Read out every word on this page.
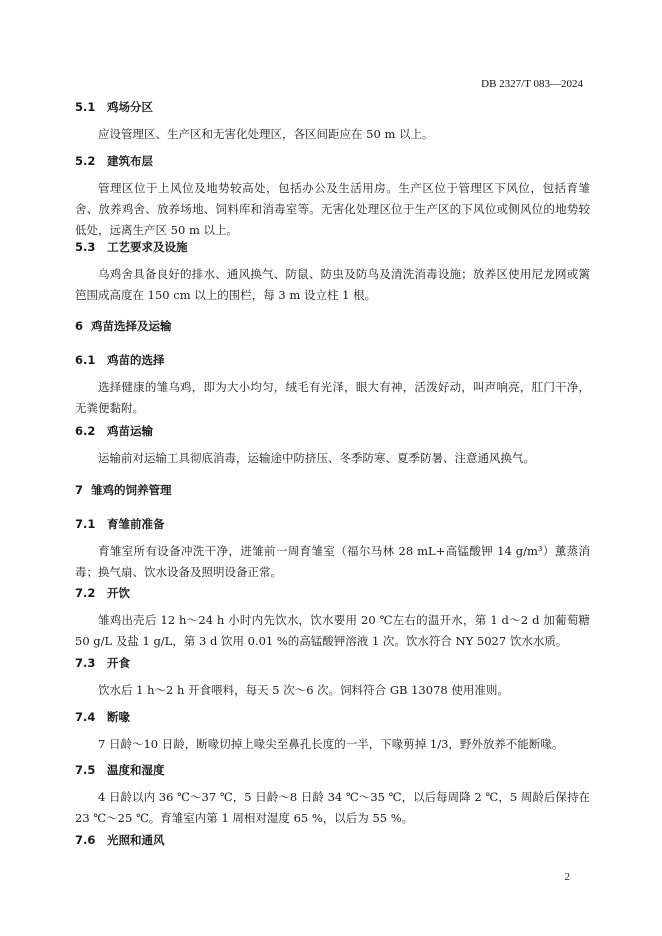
DB 2327/T 083—2024

5.1 鸡场分区

应设管理区、生产区和无害化处理区，各区间距应在 50 m 以上。

5.2 建筑布层

管理区位于上风位及地势较高处，包括办公及生活用房。生产区位于管理区下风位，包括育雏舍、放养鸡舍、放养场地、饲料库和消毒室等。无害化处理区位于生产区的下风位或侧风位的地势较低处，远离生产区 50 m 以上。

5.3 工艺要求及设施

乌鸡舍具备良好的排水、通风换气、防鼠、防虫及防鸟及清洗消毒设施；放养区使用尼龙网或篱笆围成高度在 150 cm 以上的围栏，每 3 m 设立柱 1 根。

6 鸡苗选择及运输

6.1 鸡苗的选择

选择健康的雏乌鸡，即为大小均匀，绒毛有光泽，眼大有神，活泼好动，叫声响亮，肛门干净，无粪便黏附。

6.2 鸡苗运输

运输前对运输工具彻底消毒，运输途中防挤压、冬季防寒、夏季防暑、注意通风换气。

7 雏鸡的饲养管理

7.1 育雏前准备

育雏室所有设备冲洗干净，进雏前一周育雏室（福尔马林 28 mL+高锰酸钾 14 g/m³）薰蒸消毒；换气扇、饮水设备及照明设备正常。

7.2 开饮

雏鸡出壳后 12 h～24 h 小时内先饮水，饮水要用 20 ℃左右的温开水，第 1 d～2 d 加葡萄糖 50 g/L 及盐 1 g/L，第 3 d 饮用 0.01 %的高锰酸钾溶液 1 次。饮水符合 NY 5027 饮水水质。

7.3 开食

饮水后 1 h～2 h 开食喂料，每天 5 次～6 次。饲料符合 GB 13078 使用准则。

7.4 断喙

7 日龄～10 日龄，断喙切掉上喙尖至鼻孔长度的一半，下喙剪掉 1/3，野外放养不能断喙。

7.5 温度和湿度

4 日龄以内 36 ℃～37 ℃，5 日龄～8 日龄 34 ℃～35 ℃，以后每周降 2 ℃，5 周龄后保持在 23 ℃～25 ℃。育雏室内第 1 周相对湿度 65 %，以后为 55 %。

7.6 光照和通风

2
